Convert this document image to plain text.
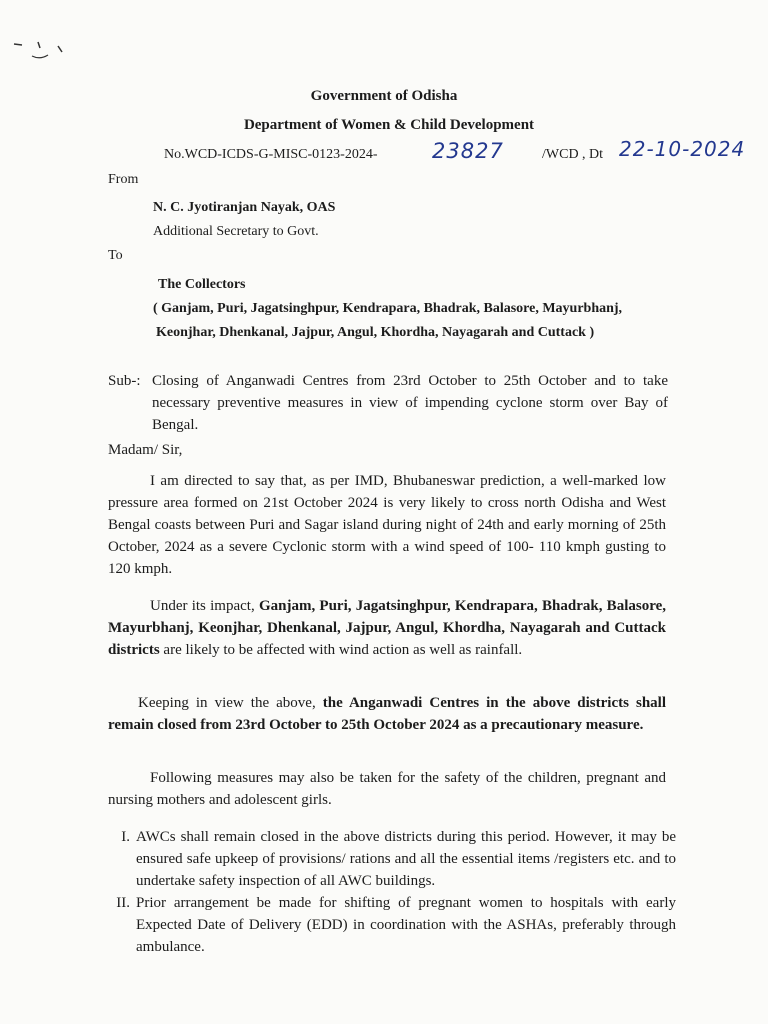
Government of Odisha
Department of Women & Child Development
No.WCD-ICDS-G-MISC-0123-2024-	23827	/WCD , Dt 22-10-2024
From
N. C. Jyotiranjan Nayak, OAS
Additional Secretary to Govt.
To
The Collectors
( Ganjam, Puri, Jagatsinghpur, Kendrapara, Bhadrak, Balasore, Mayurbhanj,
Keonjhar, Dhenkanal, Jajpur, Angul, Khordha, Nayagarah and Cuttack )
Sub-: Closing of Anganwadi Centres from 23rd October to 25th October and to take necessary preventive measures in view of impending cyclone storm over Bay of Bengal.
Madam/ Sir,
I am directed to say that, as per IMD, Bhubaneswar prediction, a well-marked low pressure area formed on 21st October 2024 is very likely to cross north Odisha and West Bengal coasts between Puri and Sagar island during night of 24th and early morning of 25th October, 2024 as a severe Cyclonic storm with a wind speed of 100- 110 kmph gusting to 120 kmph.
Under its impact, Ganjam, Puri, Jagatsinghpur, Kendrapara, Bhadrak, Balasore, Mayurbhanj, Keonjhar, Dhenkanal, Jajpur, Angul, Khordha, Nayagarah and Cuttack districts are likely to be affected with wind action as well as rainfall.
Keeping in view the above, the Anganwadi Centres in the above districts shall remain closed from 23rd October to 25th October 2024 as a precautionary measure.
Following measures may also be taken for the safety of the children, pregnant and nursing mothers and adolescent girls.
I. AWCs shall remain closed in the above districts during this period. However, it may be ensured safe upkeep of provisions/ rations and all the essential items /registers etc. and to undertake safety inspection of all AWC buildings.
II. Prior arrangement be made for shifting of pregnant women to hospitals with early Expected Date of Delivery (EDD) in coordination with the ASHAs, preferably through ambulance.
